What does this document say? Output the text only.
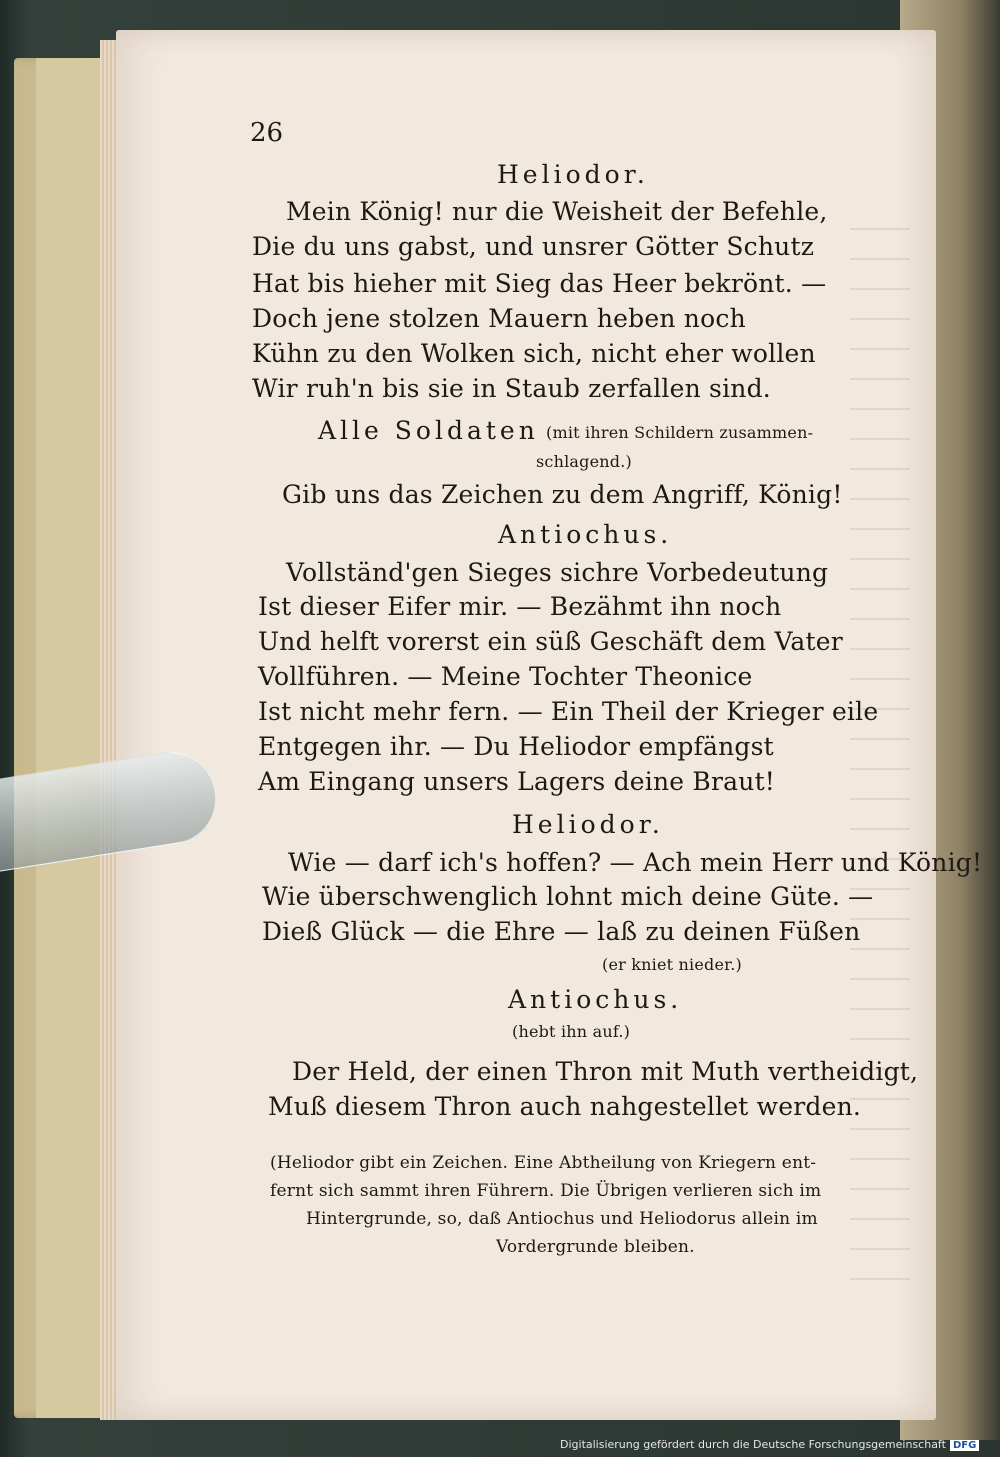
26
Heliodor.
Mein König! nur die Weisheit der Befehle,
Die du uns gabst, und unsrer Götter Schutz
Hat bis hieher mit Sieg das Heer bekrönt. —
Doch jene stolzen Mauern heben noch
Kühn zu den Wolken sich, nicht eher wollen
Wir ruh'n bis sie in Staub zerfallen sind.
Alle Soldaten (mit ihren Schildern zusammen-
schlagend.)
Gib uns das Zeichen zu dem Angriff, König!
Antiochus.
Vollständ'gen Sieges sichre Vorbedeutung
Ist dieser Eifer mir. — Bezähmt ihn noch
Und helft vorerst ein süß Geschäft dem Vater
Vollführen. — Meine Tochter Theonice
Ist nicht mehr fern. — Ein Theil der Krieger eile
Entgegen ihr. — Du Heliodor empfängst
Am Eingang unsers Lagers deine Braut!
Heliodor.
Wie — darf ich's hoffen? — Ach mein Herr und König!
Wie überschwenglich lohnt mich deine Güte. —
Dieß Glück — die Ehre — laß zu deinen Füßen
(er kniet nieder.)
Antiochus.
(hebt ihn auf.)
Der Held, der einen Thron mit Muth vertheidigt,
Muß diesem Thron auch nahgestellet werden.
(Heliodor gibt ein Zeichen. Eine Abtheilung von Kriegern ent-
fernt sich sammt ihren Führern. Die Übrigen verlieren sich im
Hintergrunde, so, daß Antiochus und Heliodorus allein im
Vordergrunde bleiben.
Digitalisierung gefördert durch die Deutsche Forschungsgemeinschaft DFG
